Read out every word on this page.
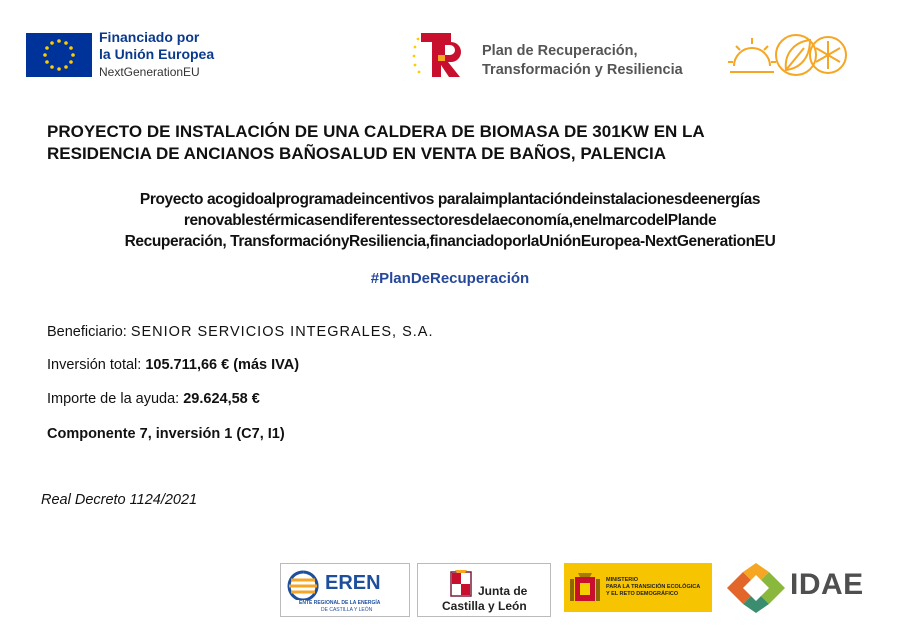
Financiado por
la Unión Europea
NextGenerationEU
Plan de Recuperación,
Transformación y Resiliencia
PROYECTO DE INSTALACIÓN DE UNA CALDERA DE BIOMASA DE 301KW EN LA
RESIDENCIA DE ANCIANOS BAÑOSALUD EN VENTA DE BAÑOS, PALENCIA
Proyecto acogidoalprogramadeincentivos paralaimplantacióndeinstalacionesdeenergías
renovablestérmicasendiferentessectoresdelaeconomía,enelmarcodelPlande
Recuperación, TransformaciónyResiliencia,financiadoporlaUniónEuropea-NextGenerationEU
#PlanDeRecuperación
Beneficiario: SENIOR SERVICIOS INTEGRALES, S.A.
Inversión total: 105.711,66 € (más IVA)
Importe de la ayuda: 29.624,58 €
Componente 7, inversión 1 (C7, I1)
Real Decreto 1124/2021
EREN
ENTE REGIONAL DE LA ENERGÍA
DE CASTILLA Y LEÓN
Junta de
Castilla y León
MINISTERIO
PARA LA TRANSICIÓN ECOLÓGICA
Y EL RETO DEMOGRÁFICO	IDAE
